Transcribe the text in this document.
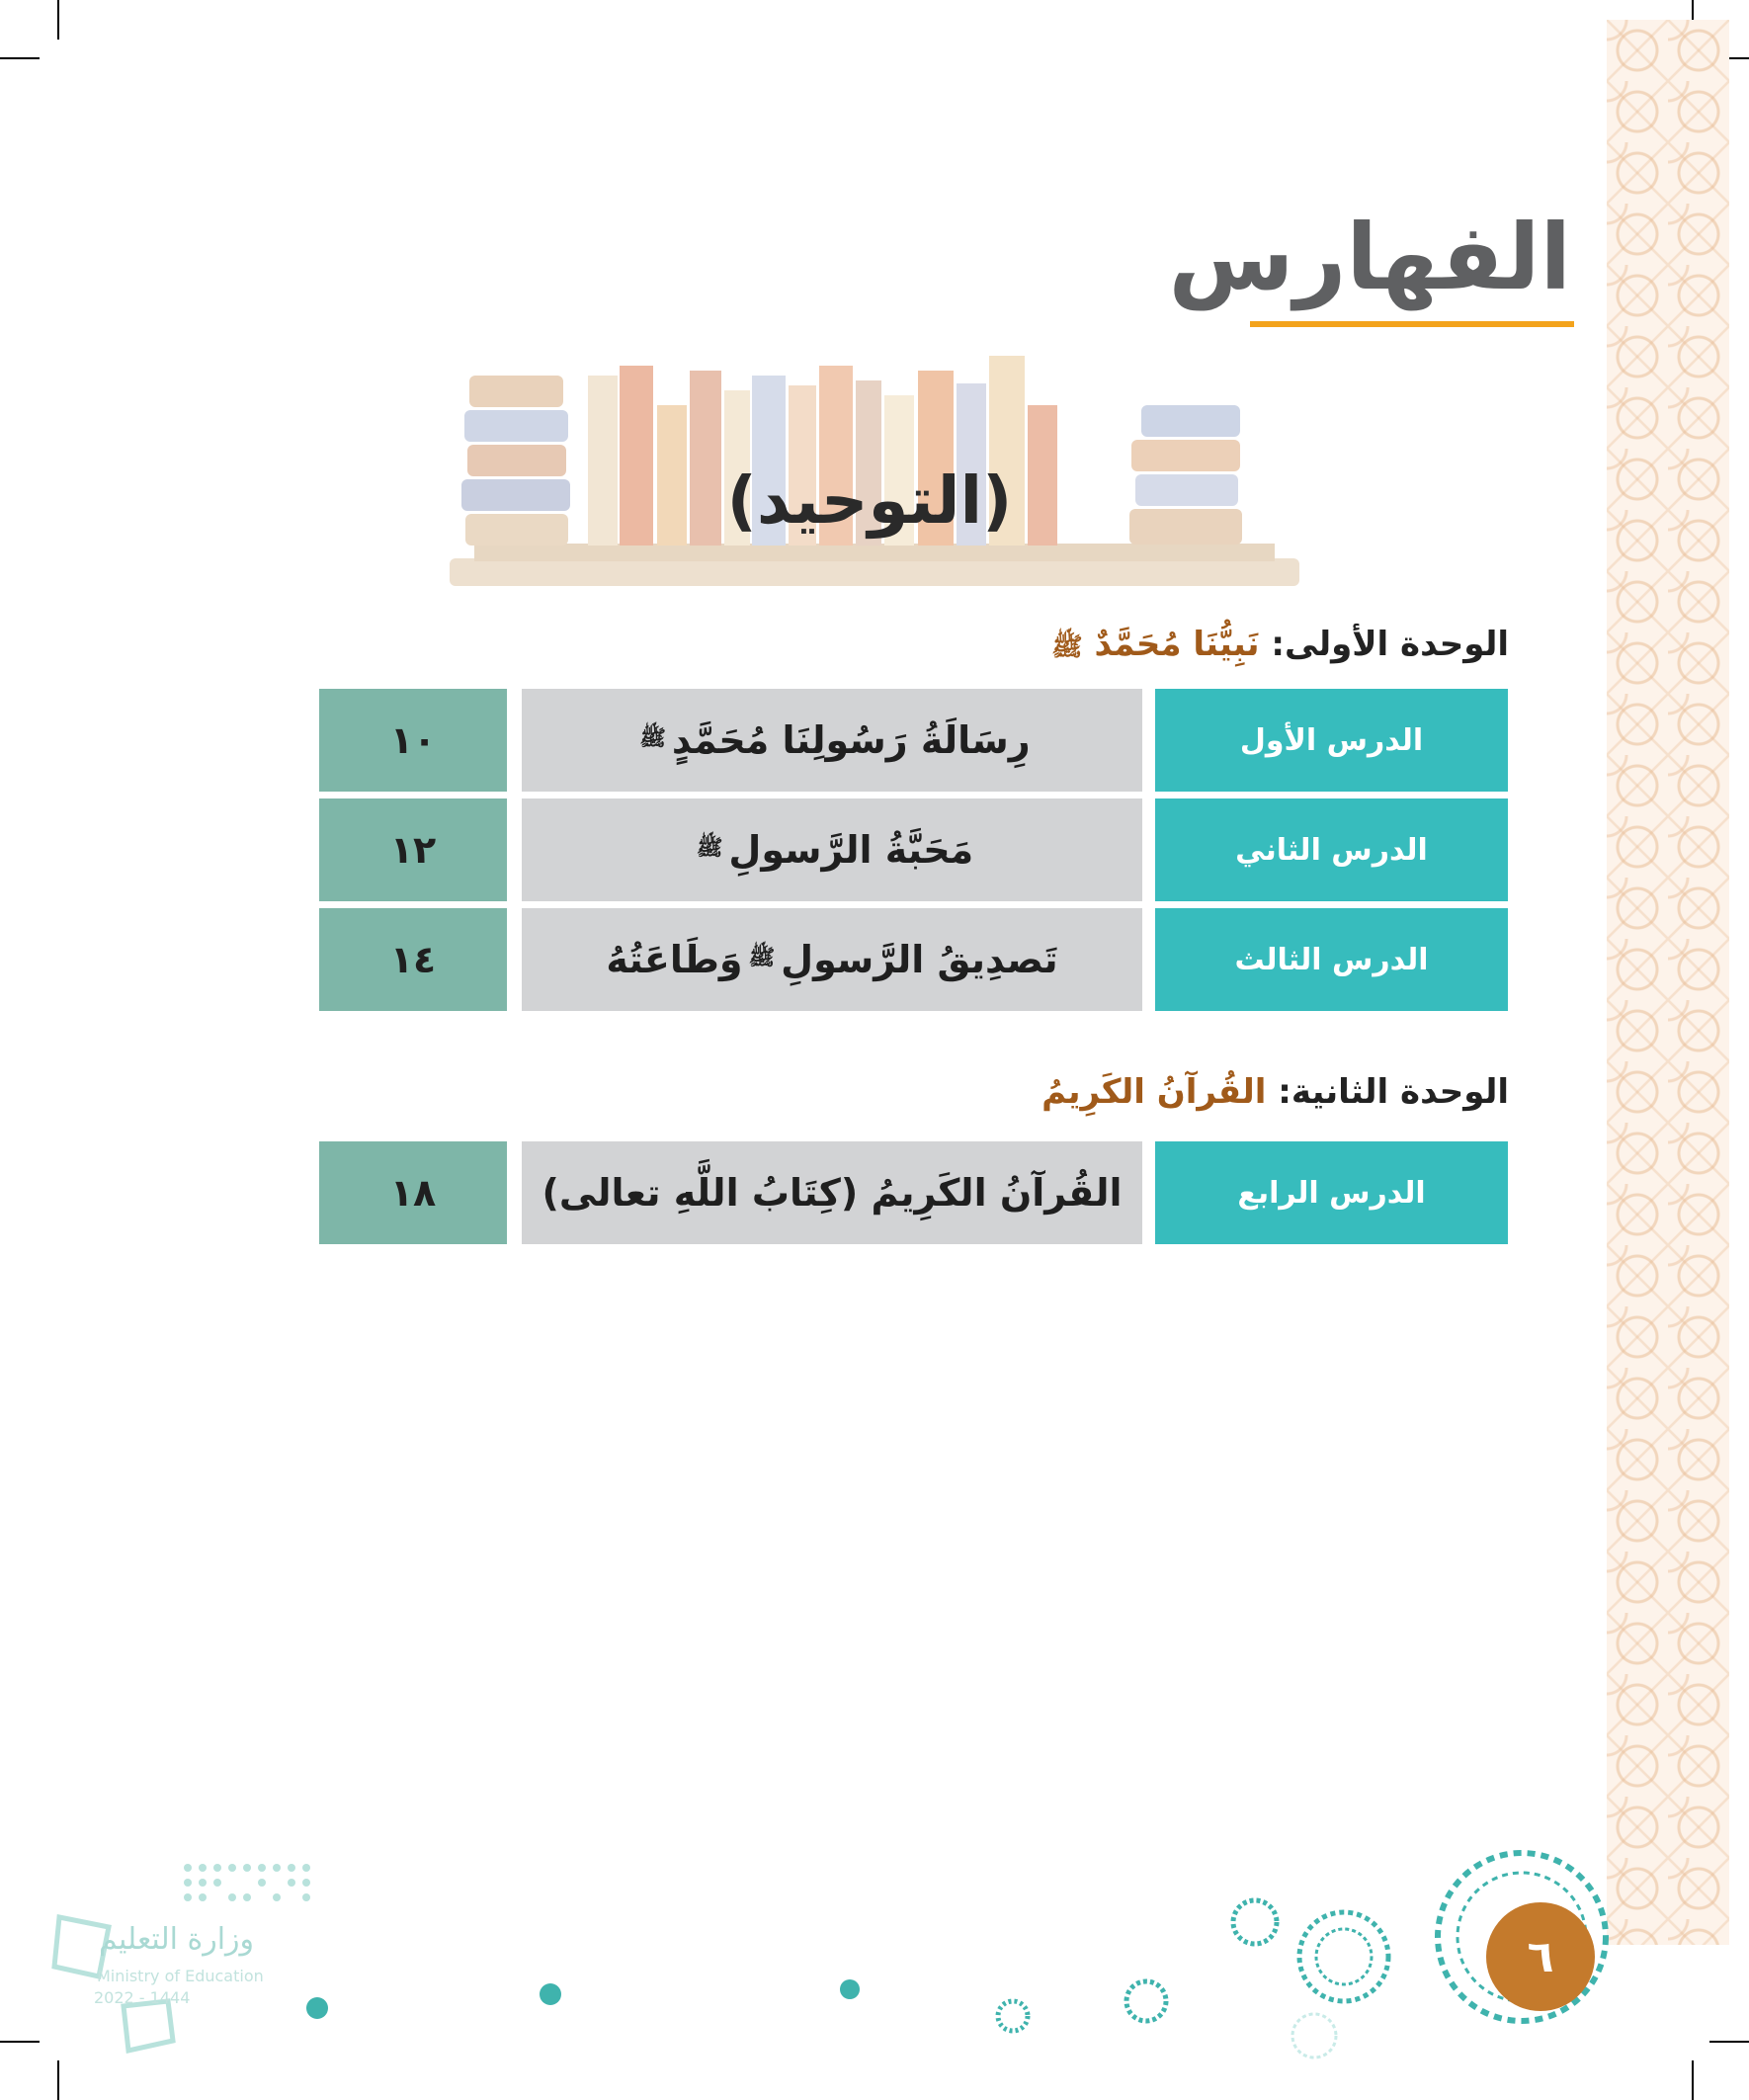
الفهارس
(التوحيد)
الوحدة الأولى: نَبِيُّنَا مُحَمَّدٌ ﷺ
الدرس الأول
رِسَالَةُ رَسُولِنَا مُحَمَّدٍ
ﷺ
١٠
الدرس الثاني
مَحَبَّةُ الرَّسولِ
ﷺ
١٢
الدرس الثالث
تَصدِيقُ الرَّسولِ
ﷺ
وَطَاعَتُهُ
١٤
الوحدة الثانية: القُرآنُ الكَرِيمُ
الدرس الرابع
القُرآنُ الكَرِيمُ (كِتَابُ اللَّهِ تعالى)
١٨
٦
وزارة التعليم
Ministry of Education
2022 - 1444
